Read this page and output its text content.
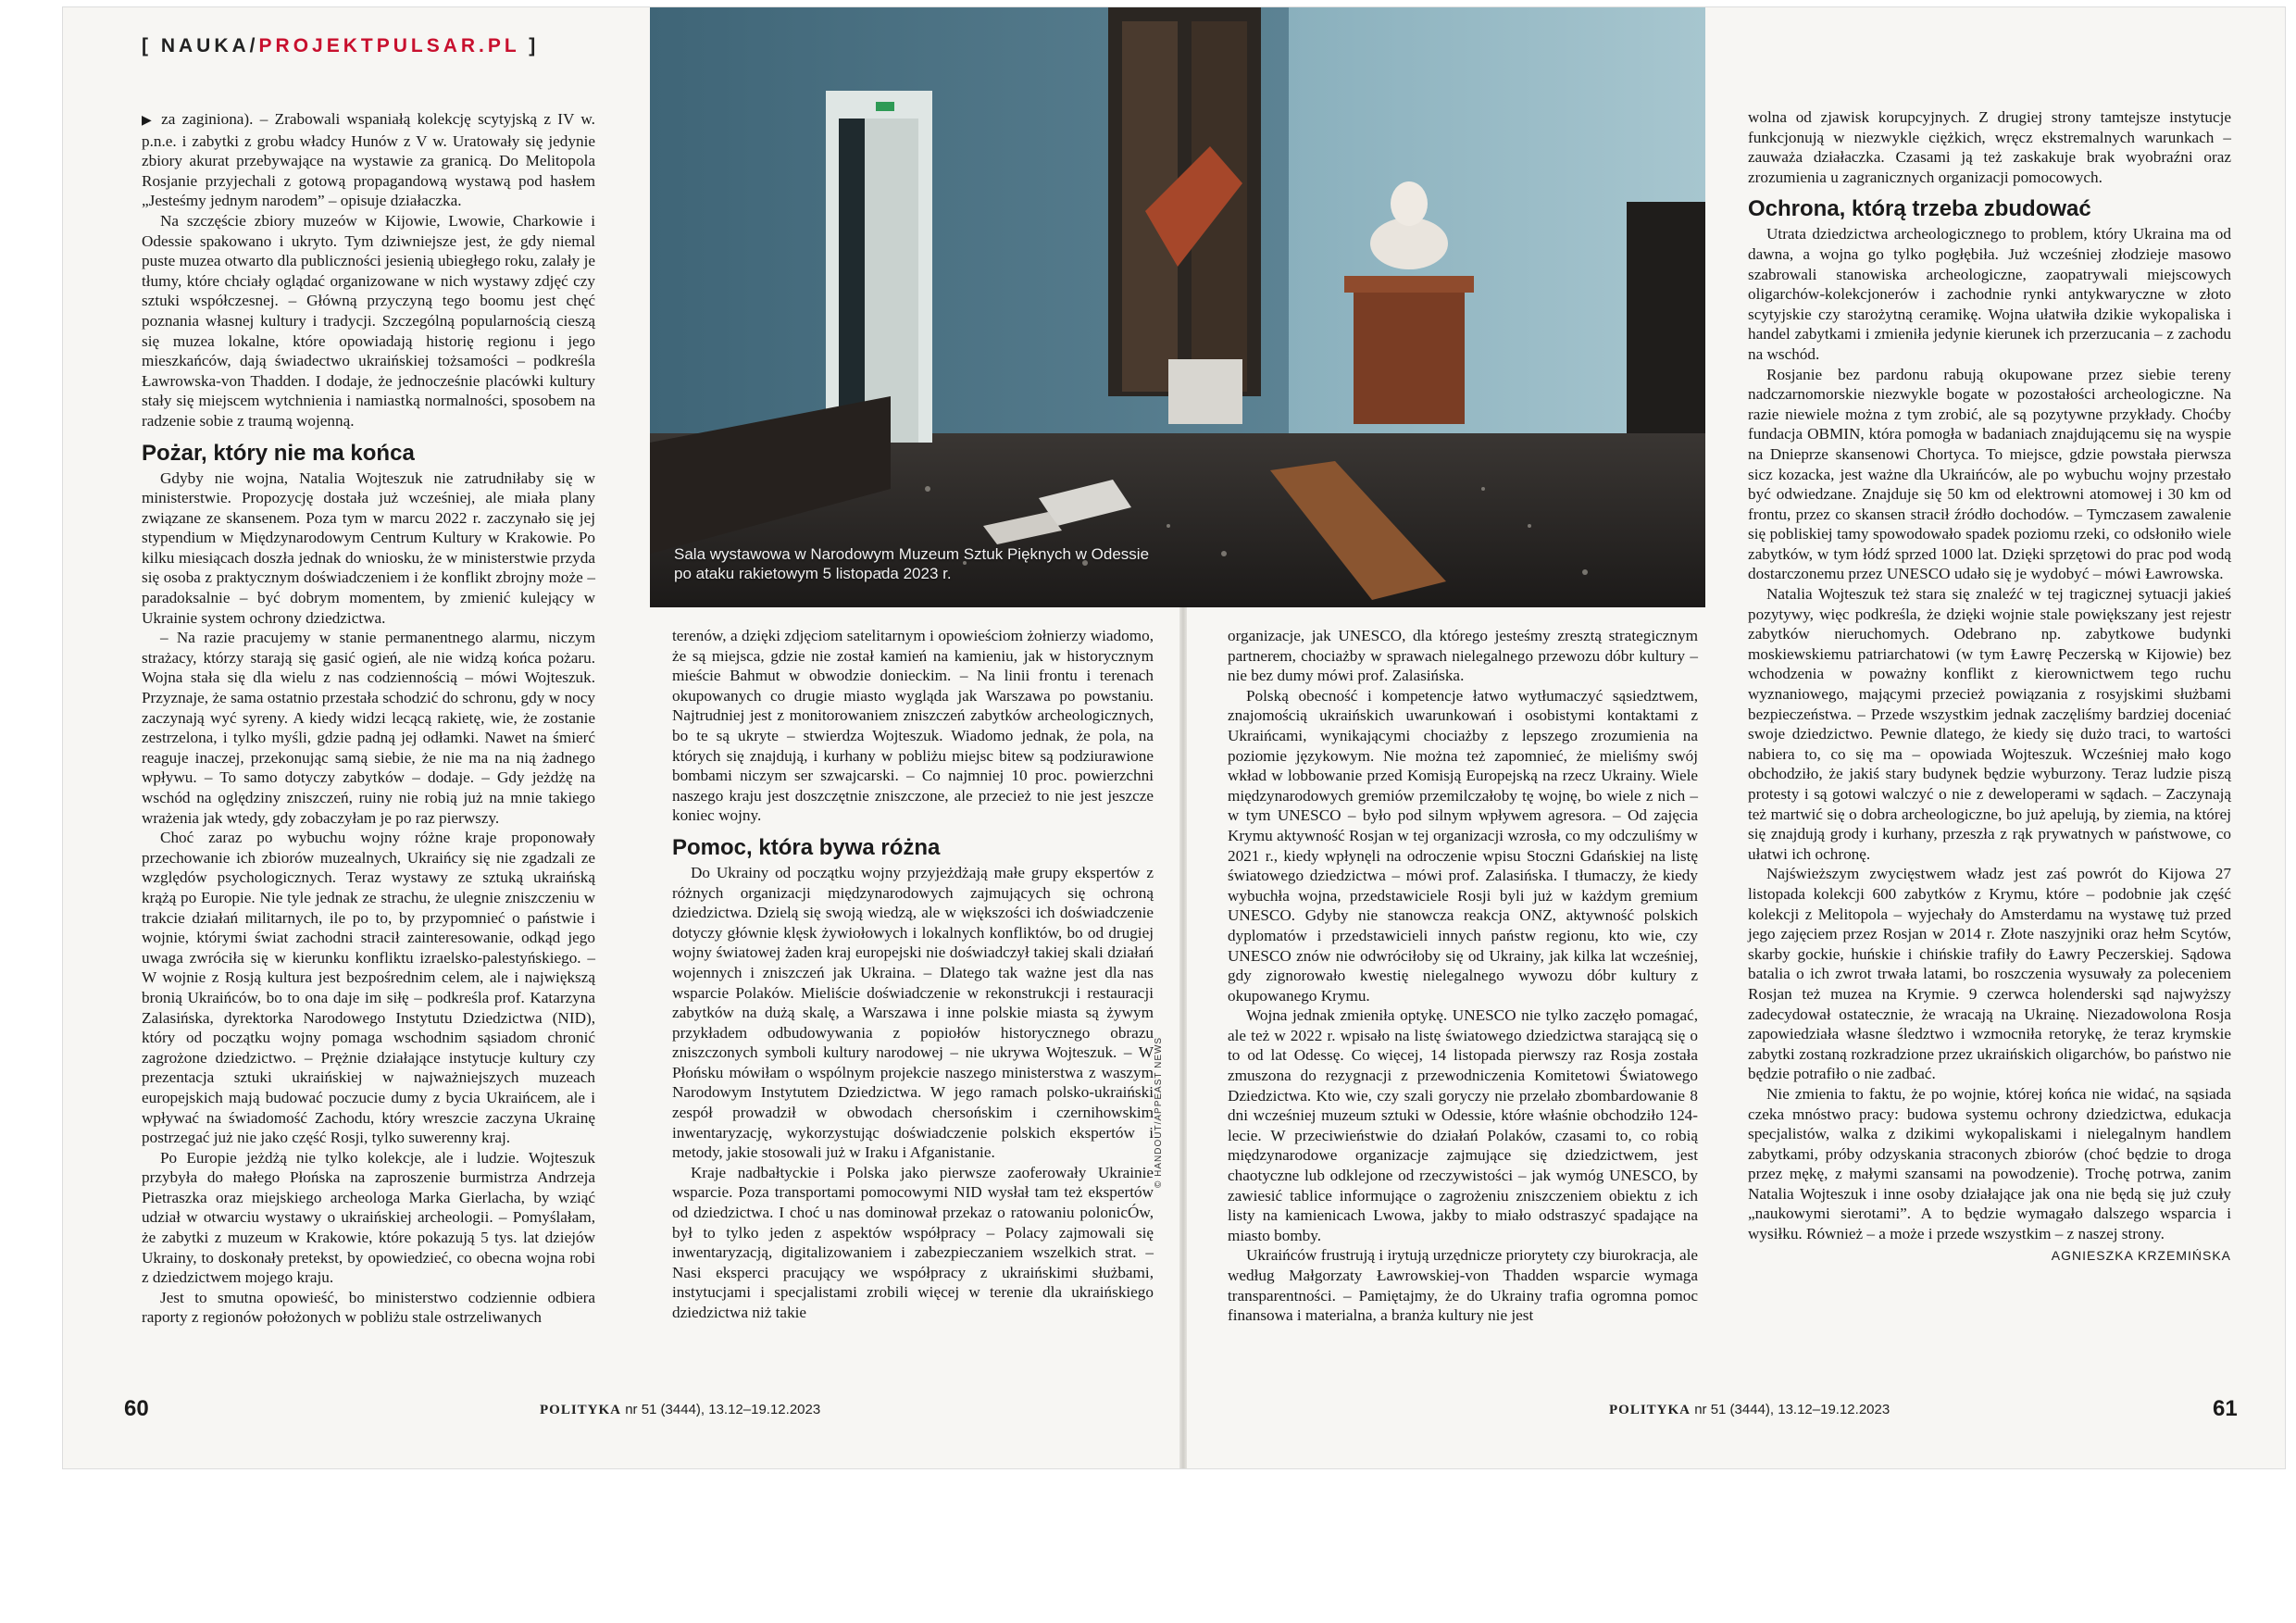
[ NAUKA/PROJEKTPULSAR.PL ]
Sala wystawowa w Narodowym Muzeum Sztuk Pięknych w Odessie
po ataku rakietowym 5 listopada 2023 r.
© HANDOUT/APPEAST NEWS

▶ za zaginiona). – Zrabowali wspaniałą kolekcję scytyjską z IV w. p.n.e. i zabytki z grobu władcy Hunów z V w. Uratowały się jedynie zbiory akurat przebywające na wystawie za granicą. Do Melitopola Rosjanie przyjechali z gotową propagandową wystawą pod hasłem „Jesteśmy jednym narodem” – opisuje działaczka.

Na szczęście zbiory muzeów w Kijowie, Lwowie, Charkowie i Odessie spakowano i ukryto. Tym dziwniejsze jest, że gdy niemal puste muzea otwarto dla publiczności jesienią ubiegłego roku, zalały je tłumy, które chciały oglądać organizowane w nich wystawy zdjęć czy sztuki współczesnej. – Główną przyczyną tego boomu jest chęć poznania własnej kultury i tradycji. Szczególną popularnością cieszą się muzea lokalne, które opowiadają historię regionu i jego mieszkańców, dają świadectwo ukraińskiej tożsamości – podkreśla Ławrowska-von Thadden. I dodaje, że jednocześnie placówki kultury stały się miejscem wytchnienia i namiastką normalności, sposobem na radzenie sobie z traumą wojenną.

Pożar, który nie ma końca

Gdyby nie wojna, Natalia Wojteszuk nie zatrudniłaby się w ministerstwie. Propozycję dostała już wcześniej, ale miała plany związane ze skansenem. Poza tym w marcu 2022 r. zaczynało się jej stypendium w Międzynarodowym Centrum Kultury w Krakowie. Po kilku miesiącach doszła jednak do wniosku, że w ministerstwie przyda się osoba z praktycznym doświadczeniem i że konflikt zbrojny może – paradoksalnie – być dobrym momentem, by zmienić kulejący w Ukrainie system ochrony dziedzictwa.

– Na razie pracujemy w stanie permanentnego alarmu, niczym strażacy, którzy starają się gasić ogień, ale nie widzą końca pożaru. Wojna stała się dla wielu z nas codziennością – mówi Wojteszuk. Przyznaje, że sama ostatnio przestała schodzić do schronu, gdy w nocy zaczynają wyć syreny. A kiedy widzi lecącą rakietę, wie, że zostanie zestrzelona, i tylko myśli, gdzie padną jej odłamki. Nawet na śmierć reaguje inaczej, przekonując samą siebie, że nie ma na nią żadnego wpływu. – To samo dotyczy zabytków – dodaje. – Gdy jeżdżę na wschód na oględziny zniszczeń, ruiny nie robią już na mnie takiego wrażenia jak wtedy, gdy zobaczyłam je po raz pierwszy.

Choć zaraz po wybuchu wojny różne kraje proponowały przechowanie ich zbiorów muzealnych, Ukraińcy się nie zgadzali ze względów psychologicznych. Teraz wystawy ze sztuką ukraińską krążą po Europie. Nie tyle jednak ze strachu, że ulegnie zniszczeniu w trakcie działań militarnych, ile po to, by przypomnieć o państwie i wojnie, którymi świat zachodni stracił zainteresowanie, odkąd jego uwaga zwróciła się w kierunku konfliktu izraelsko-palestyńskiego. – W wojnie z Rosją kultura jest bezpośrednim celem, ale i największą bronią Ukraińców, bo to ona daje im siłę – podkreśla prof. Katarzyna Zalasińska, dyrektorka Narodowego Instytutu Dziedzictwa (NID), który od początku wojny pomaga wschodnim sąsiadom chronić zagrożone dziedzictwo. – Prężnie działające instytucje kultury czy prezentacja sztuki ukraińskiej w najważniejszych muzeach europejskich mają budować poczucie dumy z bycia Ukraińcem, ale i wpływać na świadomość Zachodu, który wreszcie zaczyna Ukrainę postrzegać już nie jako część Rosji, tylko suwerenny kraj.

Po Europie jeżdżą nie tylko kolekcje, ale i ludzie. Wojteszuk przybyła do małego Płońska na zaproszenie burmistrza Andrzeja Pietraszka oraz miejskiego archeologa Marka Gierlacha, by wziąć udział w otwarciu wystawy o ukraińskiej archeologii. – Pomyślałam, że zabytki z muzeum w Krakowie, które pokazują 5 tys. lat dziejów Ukrainy, to doskonały pretekst, by opowiedzieć, co obecna wojna robi z dziedzictwem mojego kraju.

Jest to smutna opowieść, bo ministerstwo codziennie odbiera raporty z regionów położonych w pobliżu stale ostrzeliwanych

terenów, a dzięki zdjęciom satelitarnym i opowieściom żołnierzy wiadomo, że są miejsca, gdzie nie został kamień na kamieniu, jak w historycznym mieście Bahmut w obwodzie donieckim. – Na linii frontu i terenach okupowanych co drugie miasto wygląda jak Warszawa po powstaniu. Najtrudniej jest z monitorowaniem zniszczeń zabytków archeologicznych, bo te są ukryte – stwierdza Wojteszuk. Wiadomo jednak, że pola, na których się znajdują, i kurhany w pobliżu miejsc bitew są podziurawione bombami niczym ser szwajcarski. – Co najmniej 10 proc. powierzchni naszego kraju jest doszczętnie zniszczone, ale przecież to nie jest jeszcze koniec wojny.

Pomoc, która bywa różna

Do Ukrainy od początku wojny przyjeżdżają małe grupy ekspertów z różnych organizacji międzynarodowych zajmujących się ochroną dziedzictwa. Dzielą się swoją wiedzą, ale w większości ich doświadczenie dotyczy głównie klęsk żywiołowych i lokalnych konfliktów, bo od drugiej wojny światowej żaden kraj europejski nie doświadczył takiej skali działań wojennych i zniszczeń jak Ukraina. – Dlatego tak ważne jest dla nas wsparcie Polaków. Mieliście doświadczenie w rekonstrukcji i restauracji zabytków na dużą skalę, a Warszawa i inne polskie miasta są żywym przykładem odbudowywania z popiołów historycznego obrazu zniszczonych symboli kultury narodowej – nie ukrywa Wojteszuk. – W Płońsku mówiłam o wspólnym projekcie naszego ministerstwa z waszym Narodowym Instytutem Dziedzictwa. W jego ramach polsko-ukraiński zespół prowadził w obwodach chersońskim i czernihowskim inwentaryzację, wykorzystując doświadczenie polskich ekspertów i metody, jakie stosowali już w Iraku i Afganistanie.

Kraje nadbałtyckie i Polska jako pierwsze zaoferowały Ukrainie wsparcie. Poza transportami pomocowymi NID wysłał tam też ekspertów od dziedzictwa. I choć u nas dominował przekaz o ratowaniu polonicÓw, był to tylko jeden z aspektów współpracy – Polacy zajmowali się inwentaryzacją, digitalizowaniem i zabezpieczaniem wszelkich strat. – Nasi eksperci pracujący we współpracy z ukraińskimi służbami, instytucjami i specjalistami zrobili więcej w terenie dla ukraińskiego dziedzictwa niż takie

organizacje, jak UNESCO, dla którego jesteśmy zresztą strategicznym partnerem, chociażby w sprawach nielegalnego przewozu dóbr kultury – nie bez dumy mówi prof. Zalasińska.

Polską obecność i kompetencje łatwo wytłumaczyć sąsiedztwem, znajomością ukraińskich uwarunkowań i osobistymi kontaktami z Ukraińcami, wynikającymi chociażby z lepszego zrozumienia na poziomie językowym. Nie można też zapomnieć, że mieliśmy swój wkład w lobbowanie przed Komisją Europejską na rzecz Ukrainy. Wiele międzynarodowych gremiów przemilczałoby tę wojnę, bo wiele z nich – w tym UNESCO – było pod silnym wpływem agresora. – Od zajęcia Krymu aktywność Rosjan w tej organizacji wzrosła, co my odczuliśmy w 2021 r., kiedy wpłynęli na odroczenie wpisu Stoczni Gdańskiej na listę światowego dziedzictwa – mówi prof. Zalasińska. I tłumaczy, że kiedy wybuchła wojna, przedstawiciele Rosji byli już w każdym gremium UNESCO. Gdyby nie stanowcza reakcja ONZ, aktywność polskich dyplomatów i przedstawicieli innych państw regionu, kto wie, czy UNESCO znów nie odwróciłoby się od Ukrainy, jak kilka lat wcześniej, gdy zignorowało kwestię nielegalnego wywozu dóbr kultury z okupowanego Krymu.

Wojna jednak zmieniła optykę. UNESCO nie tylko zaczęło pomagać, ale też w 2022 r. wpisało na listę światowego dziedzictwa starającą się o to od lat Odessę. Co więcej, 14 listopada pierwszy raz Rosja została zmuszona do rezygnacji z przewodniczenia Komitetowi Światowego Dziedzictwa. Kto wie, czy szali goryczy nie przelało zbombardowanie 8 dni wcześniej muzeum sztuki w Odessie, które właśnie obchodziło 124-lecie. W przeciwieństwie do działań Polaków, czasami to, co robią międzynarodowe organizacje zajmujące się dziedzictwem, jest chaotyczne lub odklejone od rzeczywistości – jak wymóg UNESCO, by zawiesić tablice informujące o zagrożeniu zniszczeniem obiektu z ich listy na kamienicach Lwowa, jakby to miało odstraszyć spadające na miasto bomby.

Ukraińców frustrują i irytują urzędnicze priorytety czy biurokracja, ale według Małgorzaty Ławrowskiej-von Thadden wsparcie wymaga transparentności. – Pamiętajmy, że do Ukrainy trafia ogromna pomoc finansowa i materialna, a branża kultury nie jest

wolna od zjawisk korupcyjnych. Z drugiej strony tamtejsze instytucje funkcjonują w niezwykle ciężkich, wręcz ekstremalnych warunkach – zauważa działaczka. Czasami ją też zaskakuje brak wyobraźni oraz zrozumienia u zagranicznych organizacji pomocowych.

Ochrona, którą trzeba zbudować

Utrata dziedzictwa archeologicznego to problem, który Ukraina ma od dawna, a wojna go tylko pogłębiła. Już wcześniej złodzieje masowo szabrowali stanowiska archeologiczne, zaopatrywali miejscowych oligarchów-kolekcjonerów i zachodnie rynki antykwaryczne w złoto scytyjskie czy starożytną ceramikę. Wojna ułatwiła dzikie wykopaliska i handel zabytkami i zmieniła jedynie kierunek ich przerzucania – z zachodu na wschód.

Rosjanie bez pardonu rabują okupowane przez siebie tereny nadczarnomorskie niezwykle bogate w pozostałości archeologiczne. Na razie niewiele można z tym zrobić, ale są pozytywne przykłady. Choćby fundacja OBMIN, która pomogła w badaniach znajdującemu się na wyspie na Dnieprze skansenowi Chortyca. To miejsce, gdzie powstała pierwsza sicz kozacka, jest ważne dla Ukraińców, ale po wybuchu wojny przestało być odwiedzane. Znajduje się 50 km od elektrowni atomowej i 30 km od frontu, przez co skansen stracił źródło dochodów. – Tymczasem zawalenie się pobliskiej tamy spowodowało spadek poziomu rzeki, co odsłoniło wiele zabytków, w tym łódź sprzed 1000 lat. Dzięki sprzętowi do prac pod wodą dostarczonemu przez UNESCO udało się je wydobyć – mówi Ławrowska.

Natalia Wojteszuk też stara się znaleźć w tej tragicznej sytuacji jakieś pozytywy, więc podkreśla, że dzięki wojnie stale powiększany jest rejestr zabytków nieruchomych. Odebrano np. zabytkowe budynki moskiewskiemu patriarchatowi (w tym Ławrę Peczerską w Kijowie) bez wchodzenia w poważny konflikt z kierownictwem tego ruchu wyznaniowego, mającymi przecież powiązania z rosyjskimi służbami bezpieczeństwa. – Przede wszystkim jednak zaczęliśmy bardziej doceniać swoje dziedzictwo. Pewnie dlatego, że kiedy się dużo traci, to wartości nabiera to, co się ma – opowiada Wojteszuk. Wcześniej mało kogo obchodziło, że jakiś stary budynek będzie wyburzony. Teraz ludzie piszą protesty i są gotowi walczyć o nie z deweloperami w sądach. – Zaczynają też martwić się o dobra archeologiczne, bo już apelują, by ziemia, na której się znajdują grody i kurhany, przeszła z rąk prywatnych w państwowe, co ułatwi ich ochronę.

Najświeższym zwycięstwem władz jest zaś powrót do Kijowa 27 listopada kolekcji 600 zabytków z Krymu, które – podobnie jak część kolekcji z Melitopola – wyjechały do Amsterdamu na wystawę tuż przed jego zajęciem przez Rosjan w 2014 r. Złote naszyjniki oraz hełm Scytów, skarby gockie, huńskie i chińskie trafiły do Ławry Peczerskiej. Sądowa batalia o ich zwrot trwała latami, bo roszczenia wysuwały za poleceniem Rosjan też muzea na Krymie. 9 czerwca holenderski sąd najwyższy zadecydował ostatecznie, że wracają na Ukrainę. Niezadowolona Rosja zapowiedziała własne śledztwo i wzmocniła retorykę, że teraz krymskie zabytki zostaną rozkradzione przez ukraińskich oligarchów, bo państwo nie będzie potrafiło o nie zadbać.

Nie zmienia to faktu, że po wojnie, której końca nie widać, na sąsiada czeka mnóstwo pracy: budowa systemu ochrony dziedzictwa, edukacja specjalistów, walka z dzikimi wykopaliskami i nielegalnym handlem zabytkami, próby odzyskania straconych zbiorów (choć będzie to droga przez mękę, z małymi szansami na powodzenie). Trochę potrwa, zanim Natalia Wojteszuk i inne osoby działające jak ona nie będą się już czuły „naukowymi sierotami”. A to będzie wymagało dalszego wsparcia i wysiłku. Również – a może i przede wszystkim – z naszej strony.

AGNIESZKA KRZEMIŃSKA

60	POLITYKA nr 51 (3444), 13.12–19.12.2023	POLITYKA nr 51 (3444), 13.12–19.12.2023	61
